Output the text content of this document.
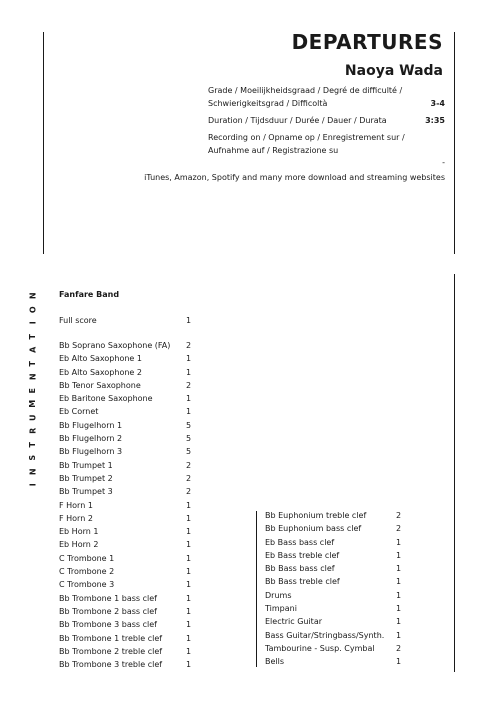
DEPARTURES
Naoya Wada
Grade / Moeilijkheidsgraad / Degré de difficulté /
Schwierigkeitsgrad / Difficoltà	3-4
Duration / Tijdsduur / Durée / Dauer / Durata	3:35
Recording on / Opname op / Enregistrement sur /
Aufnahme auf / Registrazione su
-
iTunes, Amazon, Spotify and many more download and streaming websites
N
O
I
T
A
T
N
E
M
U
R
T
S
N
I
Fanfare Band
Full score	1
Bb Soprano Saxophone (FA)	2
Eb Alto Saxophone 1	1
Eb Alto Saxophone 2	1
Bb Tenor Saxophone	2
Eb Baritone Saxophone	1
Eb Cornet	1
Bb Flugelhorn 1	5
Bb Flugelhorn 2	5
Bb Flugelhorn 3	5
Bb Trumpet 1	2
Bb Trumpet 2	2
Bb Trumpet 3	2
F Horn 1	1
F Horn 2	1
Eb Horn 1	1
Eb Horn 2	1
C Trombone 1	1
C Trombone 2	1
C Trombone 3	1
Bb Trombone 1 bass clef	1
Bb Trombone 2 bass clef	1
Bb Trombone 3 bass clef	1
Bb Trombone 1 treble clef	1
Bb Trombone 2 treble clef	1
Bb Trombone 3 treble clef	1
Bb Euphonium treble clef	2
Bb Euphonium bass clef	2
Eb Bass bass clef	1
Eb Bass treble clef	1
Bb Bass bass clef	1
Bb Bass treble clef	1
Drums	1
Timpani	1
Electric Guitar	1
Bass Guitar/Stringbass/Synth.	1
Tambourine - Susp. Cymbal	2
Bells	1
